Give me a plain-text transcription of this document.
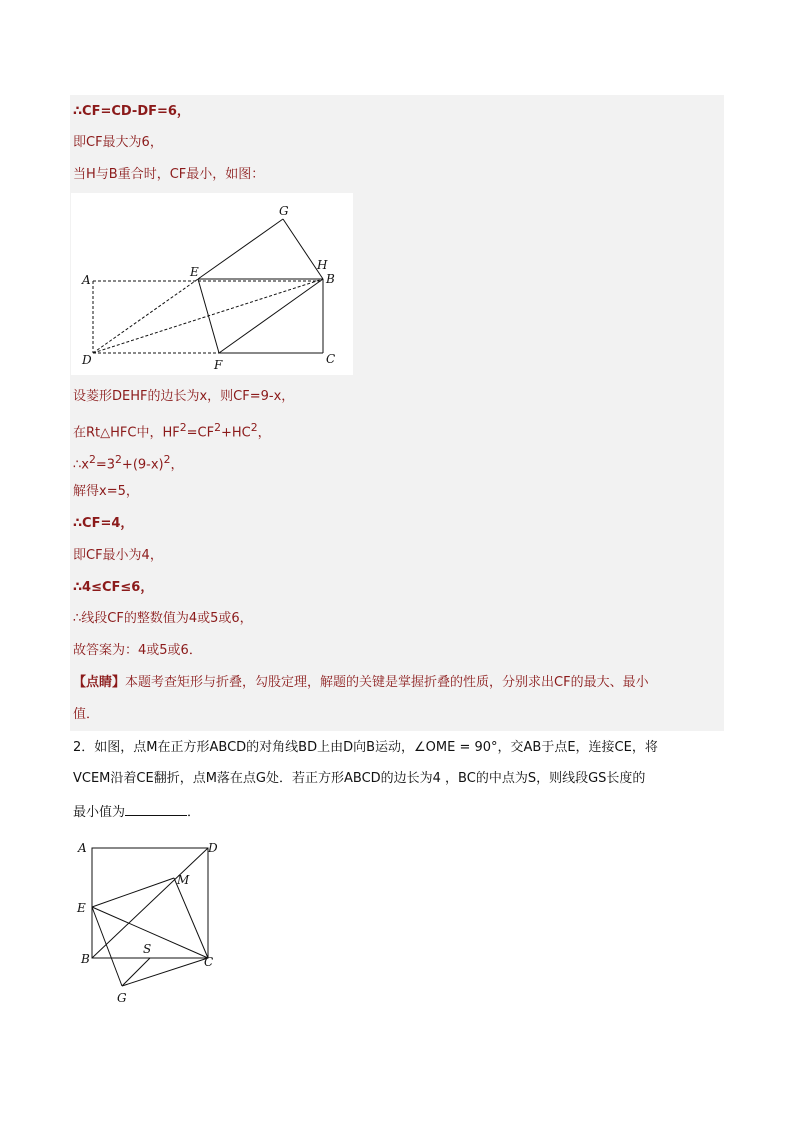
∴CF=CD-DF=6，
即CF最大为6，
当H与B重合时，CF最小，如图：
A	B
C
D
E
F
G
H
设菱形DEHF的边长为x，则CF=9-x，
在Rt△HFC中，$HF^2=CF^2+HC^2$，
$\therefore x^2=3^2+(9-x)^2$，
解得x=5，
∴CF=4，
即CF最小为4，
∴4≤CF≤6，
∴线段CF的整数值为4或5或6，
故答案为：4或5或6．
【点睛】本题考查矩形与折叠，勾股定理，解题的关键是掌握折叠的性质，分别求出CF的最大、最小
值．
2．如图，点M在正方形ABCD的对角线BD上由D向B运动，∠OME = 90°，交AB于点E，连接CE，将
VCEM沿着CE翻折，点M落在点G处．若正方形ABCD的边长为4 ，BC的中点为S，则线段GS长度的
最小值为	．
A
B	C
D
E
M
S
G
